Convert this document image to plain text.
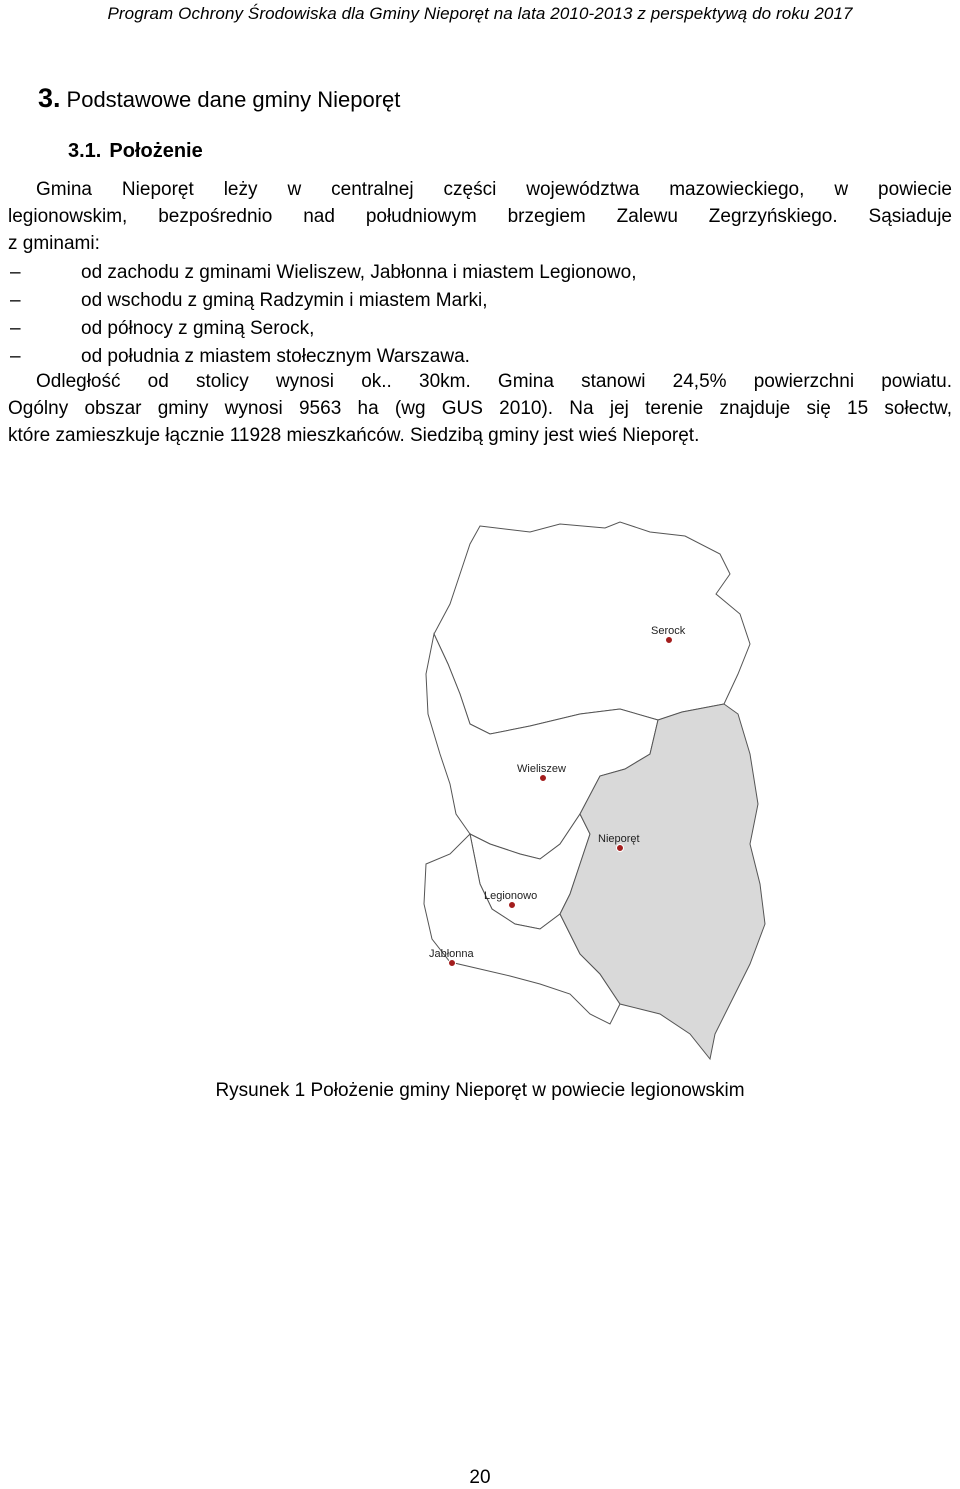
Program Ochrony Środowiska dla Gminy Nieporęt na lata 2010-2013 z perspektywą do roku 2017
3. Podstawowe dane gminy Nieporęt
3.1. Położenie
Gmina Nieporęt leży w centralnej części województwa mazowieckiego, w powiecie
legionowskim, bezpośrednio nad południowym brzegiem Zalewu Zegrzyńskiego. Sąsiaduje
z gminami:
–	od zachodu z gminami Wieliszew, Jabłonna i miastem Legionowo,
–	od wschodu z gminą Radzymin i miastem Marki,
–	od północy z gminą Serock,
–	od południa z miastem stołecznym Warszawa.
Odległość od stolicy wynosi ok.. 30km. Gmina stanowi 24,5% powierzchni powiatu.
Ogólny obszar gminy wynosi 9563 ha (wg GUS 2010). Na jej terenie znajduje się 15 sołectw,
które zamieszkuje łącznie 11928 mieszkańców. Siedzibą gminy jest wieś Nieporęt.
Serock
Wieliszew
Nieporęt
Legionowo
Jabłonna
Rysunek 1 Położenie gminy Nieporęt w powiecie legionowskim
20
